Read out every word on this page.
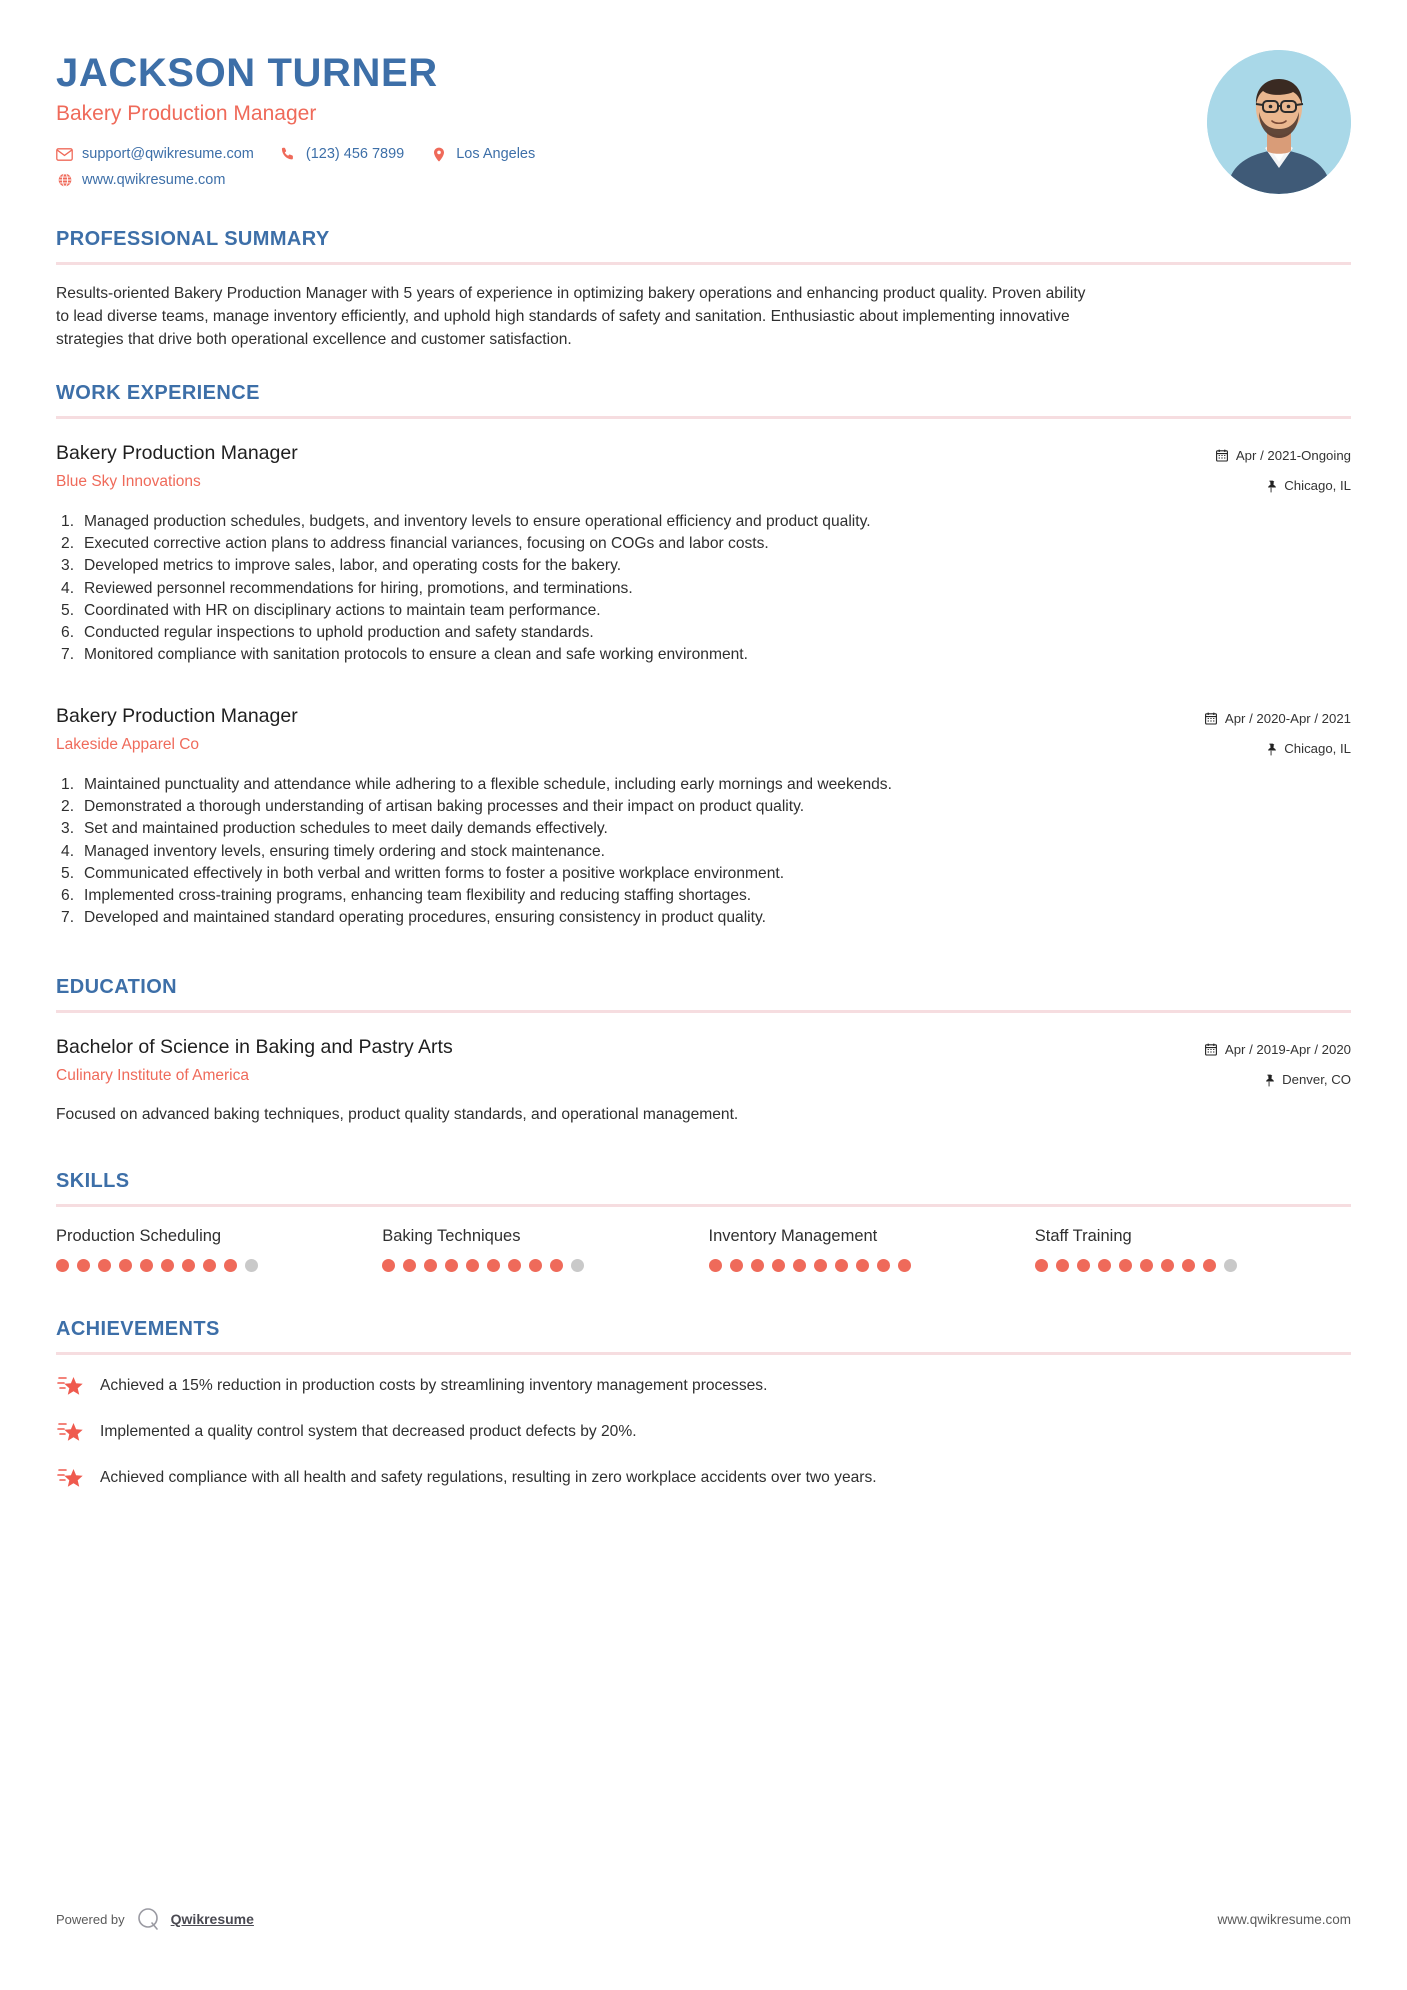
JACKSON TURNER
Bakery Production Manager
support@qwikresume.com	(123) 456 7899	Los Angeles
www.qwikresume.com
PROFESSIONAL SUMMARY

Results-oriented Bakery Production Manager with 5 years of experience in optimizing bakery operations and enhancing product quality. Proven ability to lead diverse teams, manage inventory efficiently, and uphold high standards of safety and sanitation. Enthusiastic about implementing innovative strategies that drive both operational excellence and customer satisfaction.

WORK EXPERIENCE
Bakery Production Manager
Blue Sky Innovations
Apr / 2021-Ongoing
Chicago, IL
Managed production schedules, budgets, and inventory levels to ensure operational efficiency and product quality.
Executed corrective action plans to address financial variances, focusing on COGs and labor costs.
Developed metrics to improve sales, labor, and operating costs for the bakery.
Reviewed personnel recommendations for hiring, promotions, and terminations.
Coordinated with HR on disciplinary actions to maintain team performance.
Conducted regular inspections to uphold production and safety standards.
Monitored compliance with sanitation protocols to ensure a clean and safe working environment.
Bakery Production Manager
Lakeside Apparel Co
Apr / 2020-Apr / 2021
Chicago, IL
Maintained punctuality and attendance while adhering to a flexible schedule, including early mornings and weekends.
Demonstrated a thorough understanding of artisan baking processes and their impact on product quality.
Set and maintained production schedules to meet daily demands effectively.
Managed inventory levels, ensuring timely ordering and stock maintenance.
Communicated effectively in both verbal and written forms to foster a positive workplace environment.
Implemented cross-training programs, enhancing team flexibility and reducing staffing shortages.
Developed and maintained standard operating procedures, ensuring consistency in product quality.
EDUCATION
Bachelor of Science in Baking and Pastry Arts
Culinary Institute of America
Apr / 2019-Apr / 2020
Denver, CO

Focused on advanced baking techniques, product quality standards, and operational management.

SKILLS
Production Scheduling	Baking Techniques	Inventory Management	Staff Training
ACHIEVEMENTS
Achieved a 15% reduction in production costs by streamlining inventory management processes.
Implemented a quality control system that decreased product defects by 20%.
Achieved compliance with all health and safety regulations, resulting in zero workplace accidents over two years.
Powered by	Qwikresume	www.qwikresume.com
